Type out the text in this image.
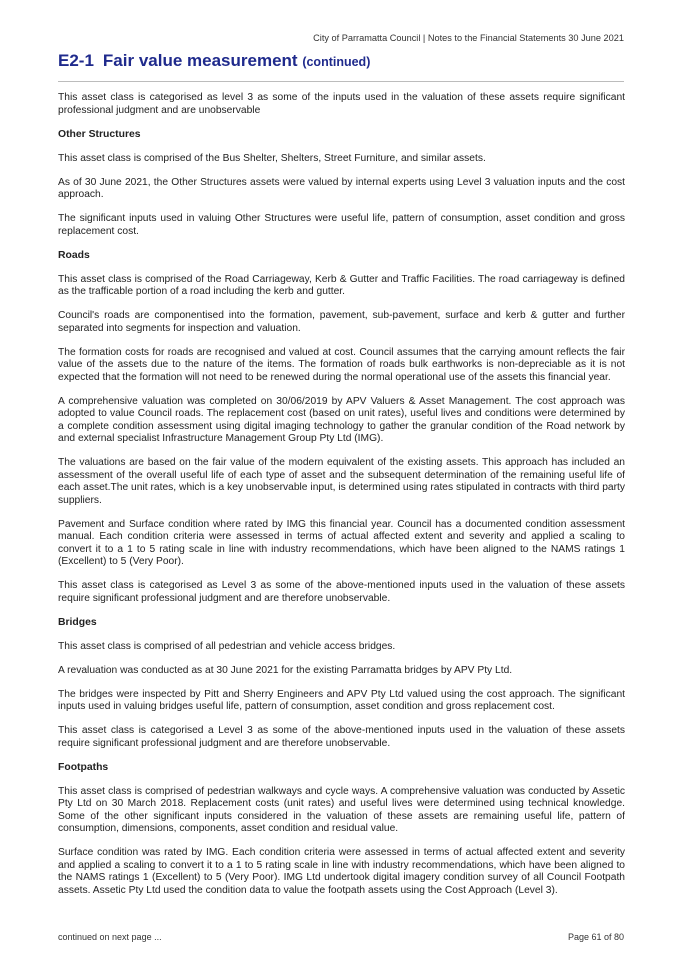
City of Parramatta Council | Notes to the Financial Statements 30 June 2021
E2-1 Fair value measurement (continued)

This asset class is categorised as level 3 as some of the inputs used in the valuation of these assets require significant professional judgment and are unobservable

Other Structures

This asset class is comprised of the Bus Shelter, Shelters, Street Furniture, and similar assets.

As of 30 June 2021, the Other Structures assets were valued by internal experts using Level 3 valuation inputs and the cost approach.

The significant inputs used in valuing Other Structures were useful life, pattern of consumption, asset condition and gross replacement cost.

Roads

This asset class is comprised of the Road Carriageway, Kerb & Gutter and Traffic Facilities. The road carriageway is defined as the trafficable portion of a road including the kerb and gutter.

Council's roads are componentised into the formation, pavement, sub-pavement, surface and kerb & gutter and further separated into segments for inspection and valuation.

The formation costs for roads are recognised and valued at cost. Council assumes that the carrying amount reflects the fair value of the assets due to the nature of the items. The formation of roads bulk earthworks is non-depreciable as it is not expected that the formation will not need to be renewed during the normal operational use of the assets this financial year.

A comprehensive valuation was completed on 30/06/2019 by APV Valuers & Asset Management. The cost approach was adopted to value Council roads. The replacement cost (based on unit rates), useful lives and conditions were determined by a complete condition assessment using digital imaging technology to gather the granular condition of the Road network by and external specialist Infrastructure Management Group Pty Ltd (IMG).

The valuations are based on the fair value of the modern equivalent of the existing assets. This approach has included an assessment of the overall useful life of each type of asset and the subsequent determination of the remaining useful life of each asset.The unit rates, which is a key unobservable input, is determined using rates stipulated in contracts with third party suppliers.

Pavement and Surface condition where rated by IMG this financial year. Council has a documented condition assessment manual. Each condition criteria were assessed in terms of actual affected extent and severity and applied a scaling to convert it to a 1 to 5 rating scale in line with industry recommendations, which have been aligned to the NAMS ratings 1 (Excellent) to 5 (Very Poor).

This asset class is categorised as Level 3 as some of the above-mentioned inputs used in the valuation of these assets require significant professional judgment and are therefore unobservable.

Bridges

This asset class is comprised of all pedestrian and vehicle access bridges.

A revaluation was conducted as at 30 June 2021 for the existing Parramatta bridges by APV Pty Ltd.

The bridges were inspected by Pitt and Sherry Engineers and APV Pty Ltd valued using the cost approach. The significant inputs used in valuing bridges useful life, pattern of consumption, asset condition and gross replacement cost.

This asset class is categorised a Level 3 as some of the above-mentioned inputs used in the valuation of these assets require significant professional judgment and are therefore unobservable.

Footpaths

This asset class is comprised of pedestrian walkways and cycle ways. A comprehensive valuation was conducted by Assetic Pty Ltd on 30 March 2018. Replacement costs (unit rates) and useful lives were determined using technical knowledge. Some of the other significant inputs considered in the valuation of these assets are remaining useful life, pattern of consumption, dimensions, components, asset condition and residual value.

Surface condition was rated by IMG. Each condition criteria were assessed in terms of actual affected extent and severity and applied a scaling to convert it to a 1 to 5 rating scale in line with industry recommendations, which have been aligned to the NAMS ratings 1 (Excellent) to 5 (Very Poor). IMG Ltd undertook digital imagery condition survey of all Council Footpath assets. Assetic Pty Ltd used the condition data to value the footpath assets using the Cost Approach (Level 3).

continued on next page ...	Page 61 of 80
